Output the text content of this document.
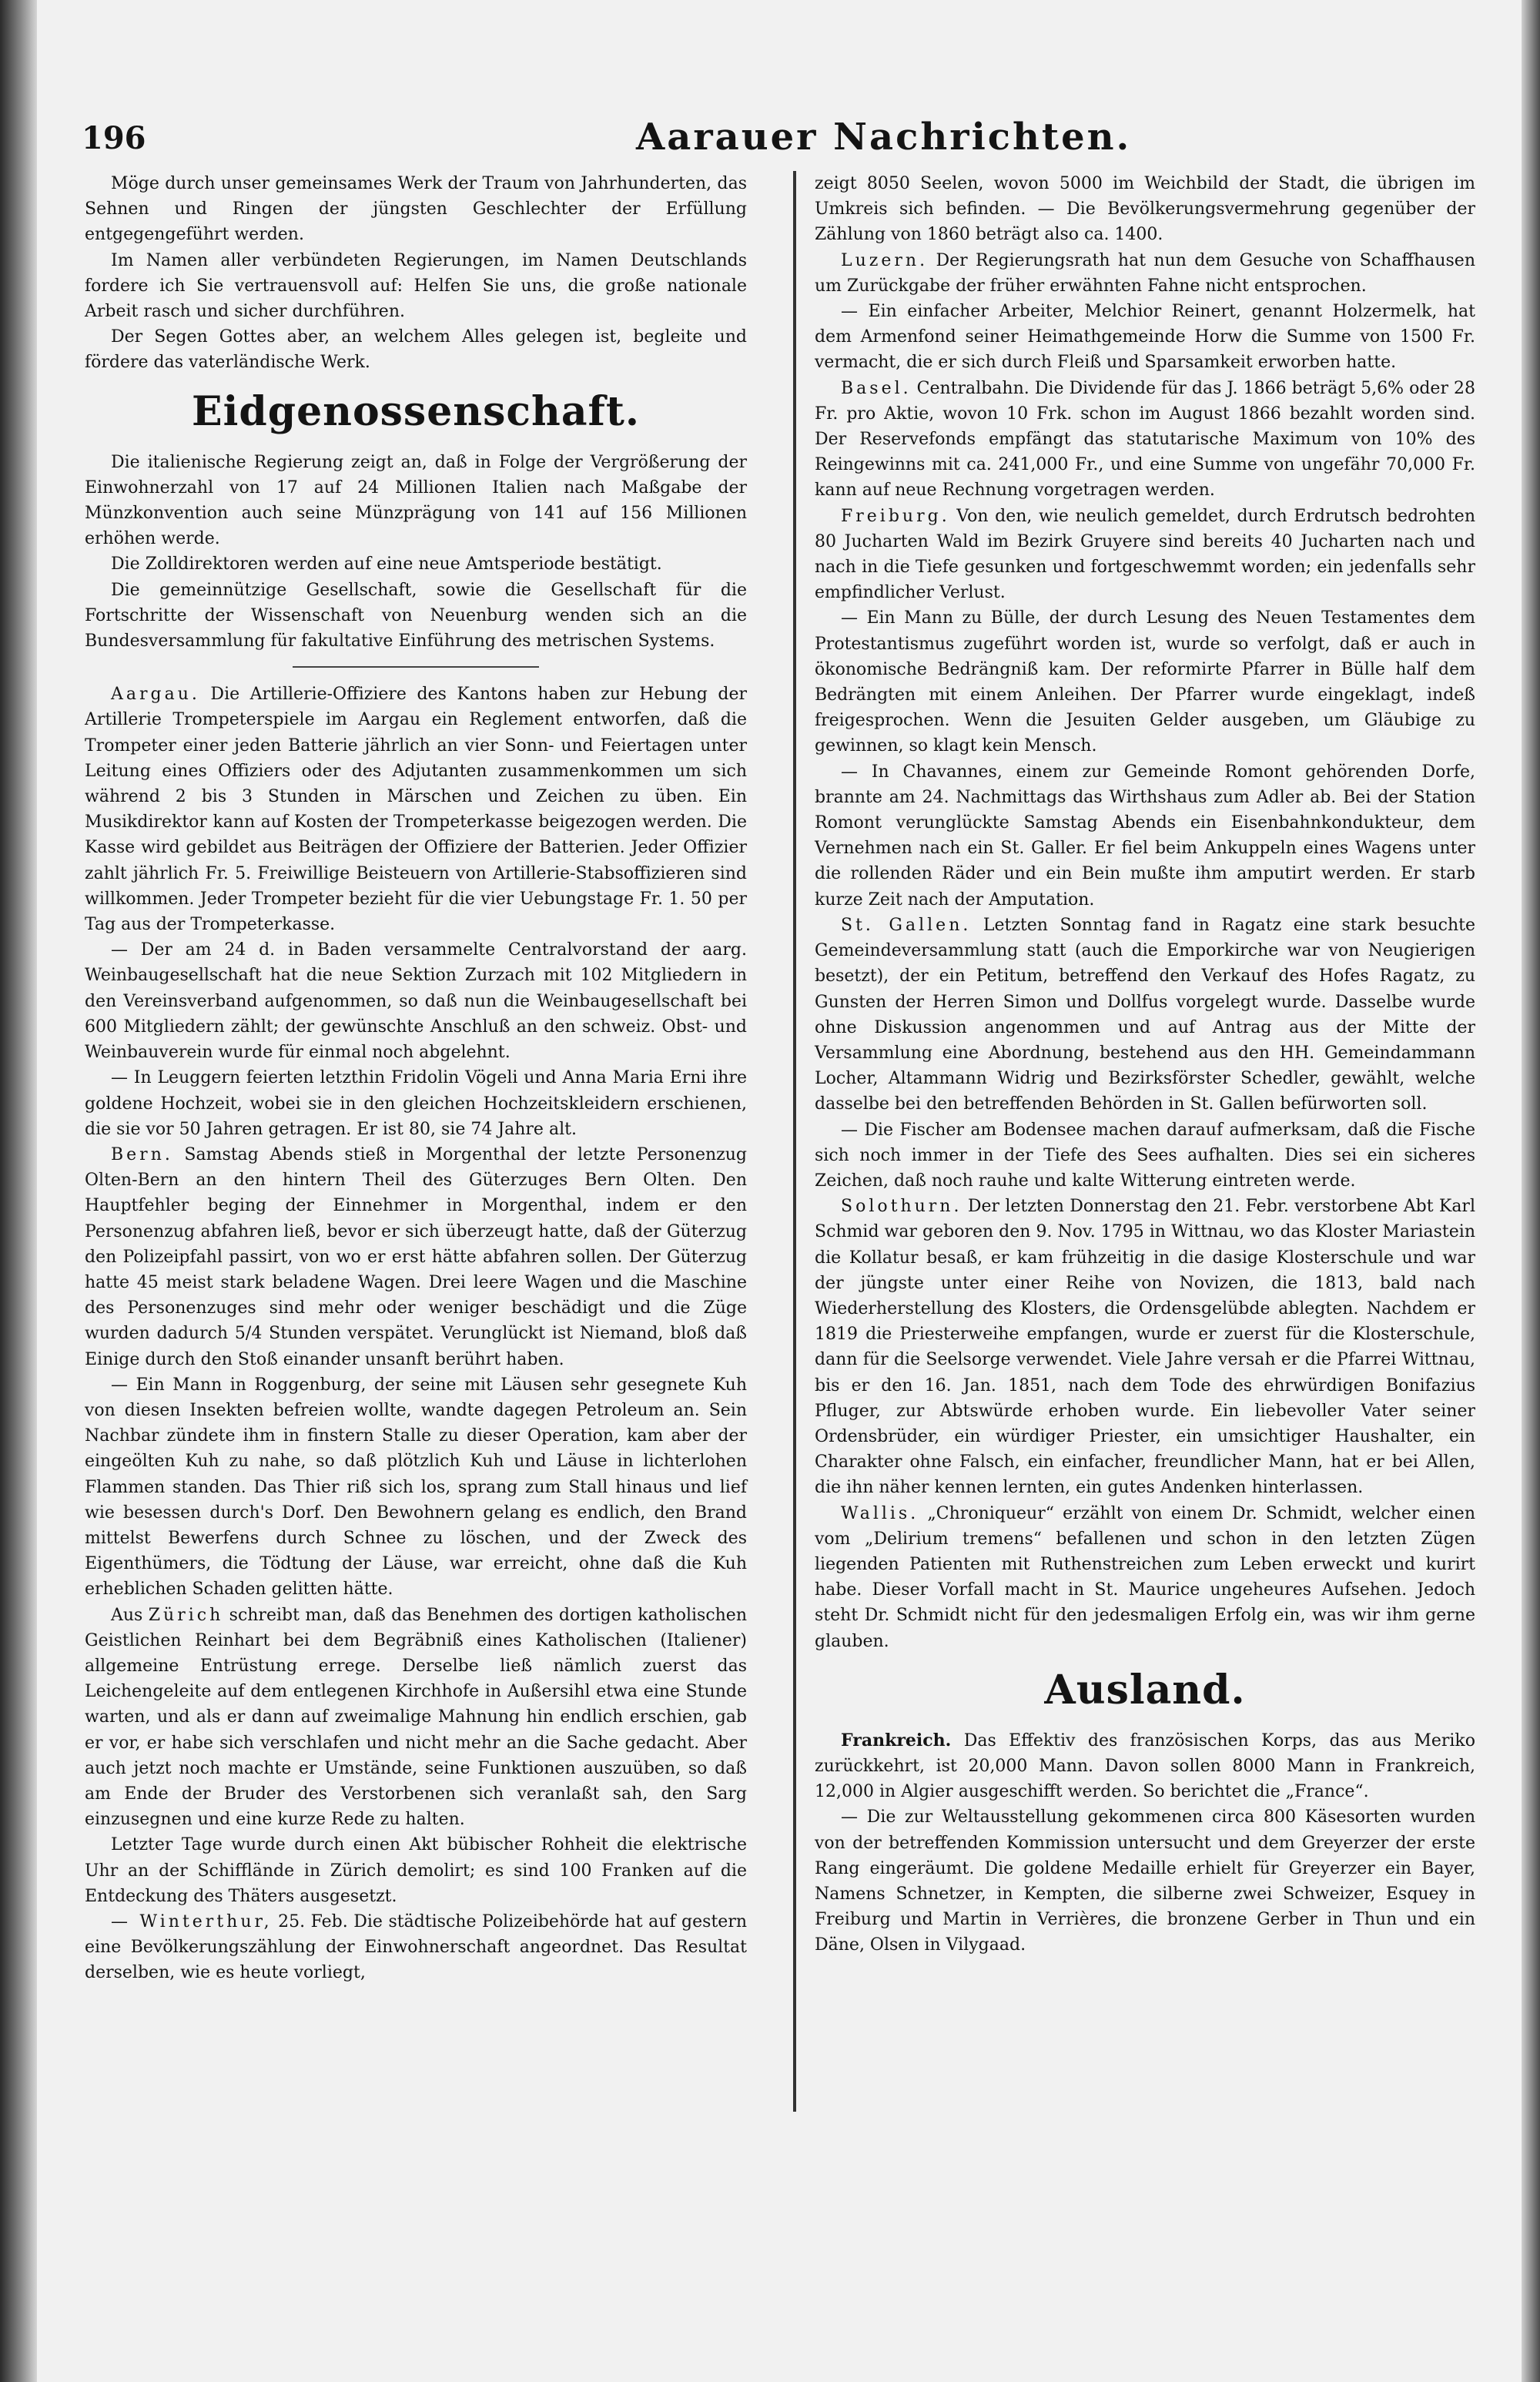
196	Aarauer Nachrichten.

Möge durch unser gemeinsames Werk der Traum von Jahrhunderten, das Sehnen und Ringen der jüngsten Geschlechter der Erfüllung entgegengeführt werden.

Im Namen aller verbündeten Regierungen, im Namen Deutschlands fordere ich Sie vertrauensvoll auf: Helfen Sie uns, die große nationale Arbeit rasch und sicher durchführen.

Der Segen Gottes aber, an welchem Alles gelegen ist, begleite und fördere das vaterländische Werk.

Eidgenossenschaft.

Die italienische Regierung zeigt an, daß in Folge der Vergrößerung der Einwohnerzahl von 17 auf 24 Millionen Italien nach Maßgabe der Münzkonvention auch seine Münzprägung von 141 auf 156 Millionen erhöhen werde.

Die Zolldirektoren werden auf eine neue Amtsperiode bestätigt.

Die gemeinnützige Gesellschaft, sowie die Gesellschaft für die Fortschritte der Wissenschaft von Neuenburg wenden sich an die Bundesversammlung für fakultative Einführung des metrischen Systems.

Aargau. Die Artillerie-Offiziere des Kantons haben zur Hebung der Artillerie Trompeterspiele im Aargau ein Reglement entworfen, daß die Trompeter einer jeden Batterie jährlich an vier Sonn- und Feiertagen unter Leitung eines Offiziers oder des Adjutanten zusammenkommen um sich während 2 bis 3 Stunden in Märschen und Zeichen zu üben. Ein Musikdirektor kann auf Kosten der Trompeterkasse beigezogen werden. Die Kasse wird gebildet aus Beiträgen der Offiziere der Batterien. Jeder Offizier zahlt jährlich Fr. 5. Freiwillige Beisteuern von Artillerie-Stabsoffizieren sind willkommen. Jeder Trompeter bezieht für die vier Uebungstage Fr. 1. 50 per Tag aus der Trompeterkasse.

— Der am 24 d. in Baden versammelte Centralvorstand der aarg. Weinbaugesellschaft hat die neue Sektion Zurzach mit 102 Mitgliedern in den Vereinsverband aufgenommen, so daß nun die Weinbaugesellschaft bei 600 Mitgliedern zählt; der gewünschte Anschluß an den schweiz. Obst- und Weinbauverein wurde für einmal noch abgelehnt.

— In Leuggern feierten letzthin Fridolin Vögeli und Anna Maria Erni ihre goldene Hochzeit, wobei sie in den gleichen Hochzeitskleidern erschienen, die sie vor 50 Jahren getragen. Er ist 80, sie 74 Jahre alt.

Bern. Samstag Abends stieß in Morgenthal der letzte Personenzug Olten-Bern an den hintern Theil des Güterzuges Bern Olten. Den Hauptfehler beging der Einnehmer in Morgenthal, indem er den Personenzug abfahren ließ, bevor er sich überzeugt hatte, daß der Güterzug den Polizeipfahl passirt, von wo er erst hätte abfahren sollen. Der Güterzug hatte 45 meist stark beladene Wagen. Drei leere Wagen und die Maschine des Personenzuges sind mehr oder weniger beschädigt und die Züge wurden dadurch 5/4 Stunden verspätet. Verunglückt ist Niemand, bloß daß Einige durch den Stoß einander unsanft berührt haben.

— Ein Mann in Roggenburg, der seine mit Läusen sehr gesegnete Kuh von diesen Insekten befreien wollte, wandte dagegen Petroleum an. Sein Nachbar zündete ihm in finstern Stalle zu dieser Operation, kam aber der eingeölten Kuh zu nahe, so daß plötzlich Kuh und Läuse in lichterlohen Flammen standen. Das Thier riß sich los, sprang zum Stall hinaus und lief wie besessen durch's Dorf. Den Bewohnern gelang es endlich, den Brand mittelst Bewerfens durch Schnee zu löschen, und der Zweck des Eigenthümers, die Tödtung der Läuse, war erreicht, ohne daß die Kuh erheblichen Schaden gelitten hätte.

Aus Zürich schreibt man, daß das Benehmen des dortigen katholischen Geistlichen Reinhart bei dem Begräbniß eines Katholischen (Italiener) allgemeine Entrüstung errege. Derselbe ließ nämlich zuerst das Leichengeleite auf dem entlegenen Kirchhofe in Außersihl etwa eine Stunde warten, und als er dann auf zweimalige Mahnung hin endlich erschien, gab er vor, er habe sich verschlafen und nicht mehr an die Sache gedacht. Aber auch jetzt noch machte er Umstände, seine Funktionen auszuüben, so daß am Ende der Bruder des Verstorbenen sich veranlaßt sah, den Sarg einzusegnen und eine kurze Rede zu halten.

Letzter Tage wurde durch einen Akt bübischer Rohheit die elektrische Uhr an der Schifflände in Zürich demolirt; es sind 100 Franken auf die Entdeckung des Thäters ausgesetzt.

— Winterthur, 25. Feb. Die städtische Polizeibehörde hat auf gestern eine Bevölkerungszählung der Einwohnerschaft angeordnet. Das Resultat derselben, wie es heute vorliegt,

zeigt 8050 Seelen, wovon 5000 im Weichbild der Stadt, die übrigen im Umkreis sich befinden. — Die Bevölkerungsvermehrung gegenüber der Zählung von 1860 beträgt also ca. 1400.

Luzern. Der Regierungsrath hat nun dem Gesuche von Schaffhausen um Zurückgabe der früher erwähnten Fahne nicht entsprochen.

— Ein einfacher Arbeiter, Melchior Reinert, genannt Holzermelk, hat dem Armenfond seiner Heimathgemeinde Horw die Summe von 1500 Fr. vermacht, die er sich durch Fleiß und Sparsamkeit erworben hatte.

Basel. Centralbahn. Die Dividende für das J. 1866 beträgt 5,6% oder 28 Fr. pro Aktie, wovon 10 Frk. schon im August 1866 bezahlt worden sind. Der Reservefonds empfängt das statutarische Maximum von 10% des Reingewinns mit ca. 241,000 Fr., und eine Summe von ungefähr 70,000 Fr. kann auf neue Rechnung vorgetragen werden.

Freiburg. Von den, wie neulich gemeldet, durch Erdrutsch bedrohten 80 Jucharten Wald im Bezirk Gruyere sind bereits 40 Jucharten nach und nach in die Tiefe gesunken und fortgeschwemmt worden; ein jedenfalls sehr empfindlicher Verlust.

— Ein Mann zu Bülle, der durch Lesung des Neuen Testamentes dem Protestantismus zugeführt worden ist, wurde so verfolgt, daß er auch in ökonomische Bedrängniß kam. Der reformirte Pfarrer in Bülle half dem Bedrängten mit einem Anleihen. Der Pfarrer wurde eingeklagt, indeß freigesprochen. Wenn die Jesuiten Gelder ausgeben, um Gläubige zu gewinnen, so klagt kein Mensch.

— In Chavannes, einem zur Gemeinde Romont gehörenden Dorfe, brannte am 24. Nachmittags das Wirthshaus zum Adler ab. Bei der Station Romont verunglückte Samstag Abends ein Eisenbahnkondukteur, dem Vernehmen nach ein St. Galler. Er fiel beim Ankuppeln eines Wagens unter die rollenden Räder und ein Bein mußte ihm amputirt werden. Er starb kurze Zeit nach der Amputation.

St. Gallen. Letzten Sonntag fand in Ragatz eine stark besuchte Gemeindeversammlung statt (auch die Emporkirche war von Neugierigen besetzt), der ein Petitum, betreffend den Verkauf des Hofes Ragatz, zu Gunsten der Herren Simon und Dollfus vorgelegt wurde. Dasselbe wurde ohne Diskussion angenommen und auf Antrag aus der Mitte der Versammlung eine Abordnung, bestehend aus den HH. Gemeindammann Locher, Altammann Widrig und Bezirksförster Schedler, gewählt, welche dasselbe bei den betreffenden Behörden in St. Gallen befürworten soll.

— Die Fischer am Bodensee machen darauf aufmerksam, daß die Fische sich noch immer in der Tiefe des Sees aufhalten. Dies sei ein sicheres Zeichen, daß noch rauhe und kalte Witterung eintreten werde.

Solothurn. Der letzten Donnerstag den 21. Febr. verstorbene Abt Karl Schmid war geboren den 9. Nov. 1795 in Wittnau, wo das Kloster Mariastein die Kollatur besaß, er kam frühzeitig in die dasige Klosterschule und war der jüngste unter einer Reihe von Novizen, die 1813, bald nach Wiederherstellung des Klosters, die Ordensgelübde ablegten. Nachdem er 1819 die Priesterweihe empfangen, wurde er zuerst für die Klosterschule, dann für die Seelsorge verwendet. Viele Jahre versah er die Pfarrei Wittnau, bis er den 16. Jan. 1851, nach dem Tode des ehrwürdigen Bonifazius Pfluger, zur Abtswürde erhoben wurde. Ein liebevoller Vater seiner Ordensbrüder, ein würdiger Priester, ein umsichtiger Haushalter, ein Charakter ohne Falsch, ein einfacher, freundlicher Mann, hat er bei Allen, die ihn näher kennen lernten, ein gutes Andenken hinterlassen.

Wallis. „Chroniqueur“ erzählt von einem Dr. Schmidt, welcher einen vom „Delirium tremens“ befallenen und schon in den letzten Zügen liegenden Patienten mit Ruthenstreichen zum Leben erweckt und kurirt habe. Dieser Vorfall macht in St. Maurice ungeheures Aufsehen. Jedoch steht Dr. Schmidt nicht für den jedesmaligen Erfolg ein, was wir ihm gerne glauben.

Ausland.

Frankreich. Das Effektiv des französischen Korps, das aus Meriko zurückkehrt, ist 20,000 Mann. Davon sollen 8000 Mann in Frankreich, 12,000 in Algier ausgeschifft werden. So berichtet die „France“.

— Die zur Weltausstellung gekommenen circa 800 Käsesorten wurden von der betreffenden Kommission untersucht und dem Greyerzer der erste Rang eingeräumt. Die goldene Medaille erhielt für Greyerzer ein Bayer, Namens Schnetzer, in Kempten, die silberne zwei Schweizer, Esquey in Freiburg und Martin in Verrières, die bronzene Gerber in Thun und ein Däne, Olsen in Vilygaad.
